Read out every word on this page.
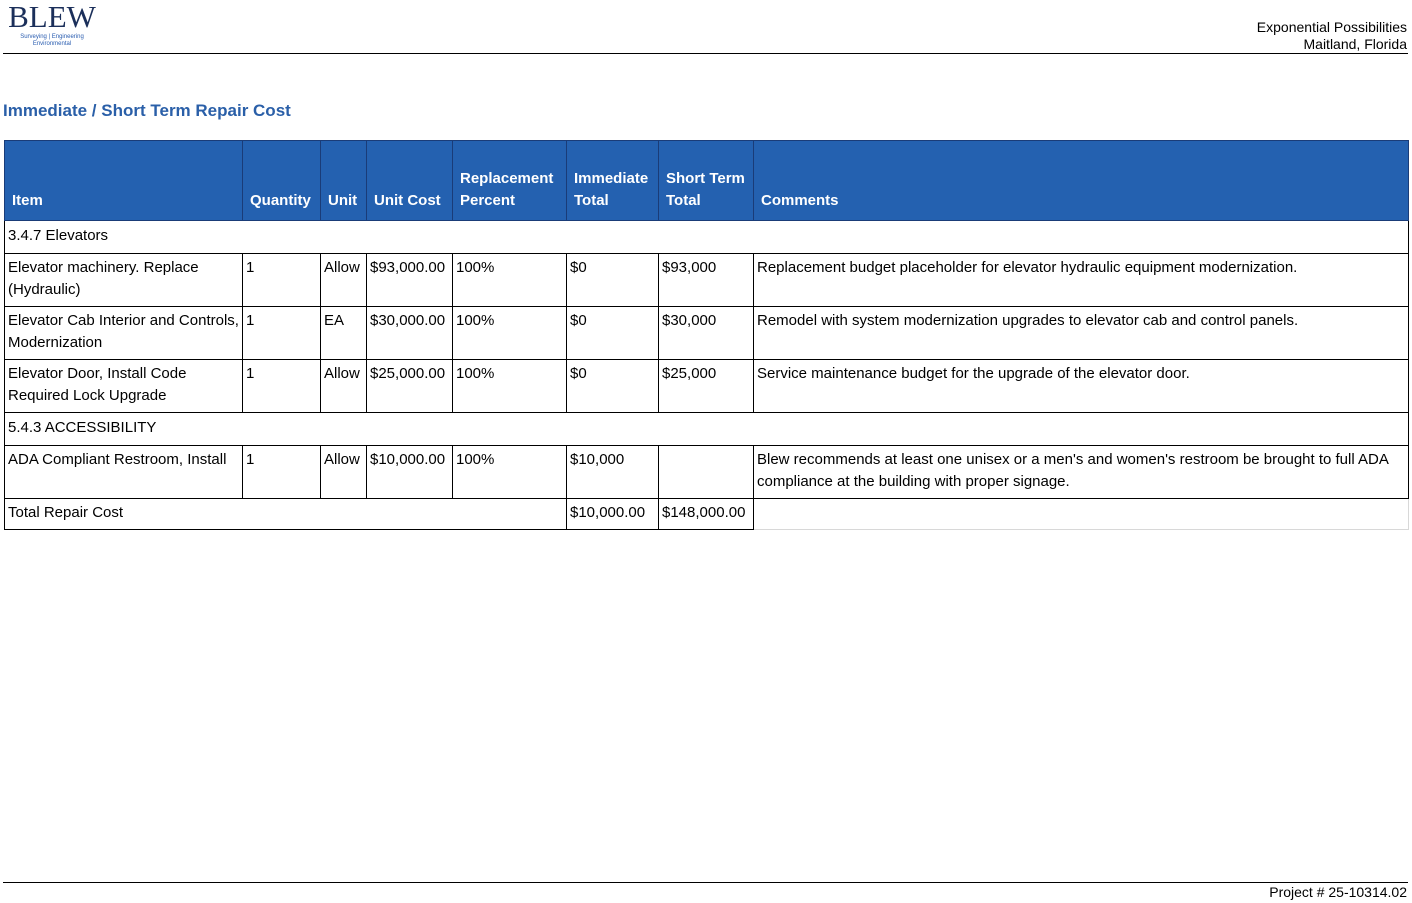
BLEW
Surveying | Engineering Environmental
Exponential Possibilities
Maitland, Florida
Immediate / Short Term Repair Cost
Item	Quantity	Unit	Unit Cost	Replacement Percent	Immediate Total	Short Term Total	Comments
3.4.7 Elevators							
Elevator machinery. Replace (Hydraulic)	1	Allow	$93,000.00	100%	$0	$93,000	Replacement budget placeholder for elevator hydraulic equipment modernization.
Elevator Cab Interior and Controls, Modernization	1	EA	$30,000.00	100%	$0	$30,000	Remodel with system modernization upgrades to elevator cab and control panels.
Elevator Door, Install Code Required Lock Upgrade	1	Allow	$25,000.00	100%	$0	$25,000	Service maintenance budget for the upgrade of the elevator door.
5.4.3 ACCESSIBILITY							
ADA Compliant Restroom, Install	1	Allow	$10,000.00	100%	$10,000		Blew recommends at least one unisex or a men's and women's restroom be brought to full ADA compliance at the building with proper signage.
Total Repair Cost					$10,000.00	$148,000.00	
Project # 25-10314.02
